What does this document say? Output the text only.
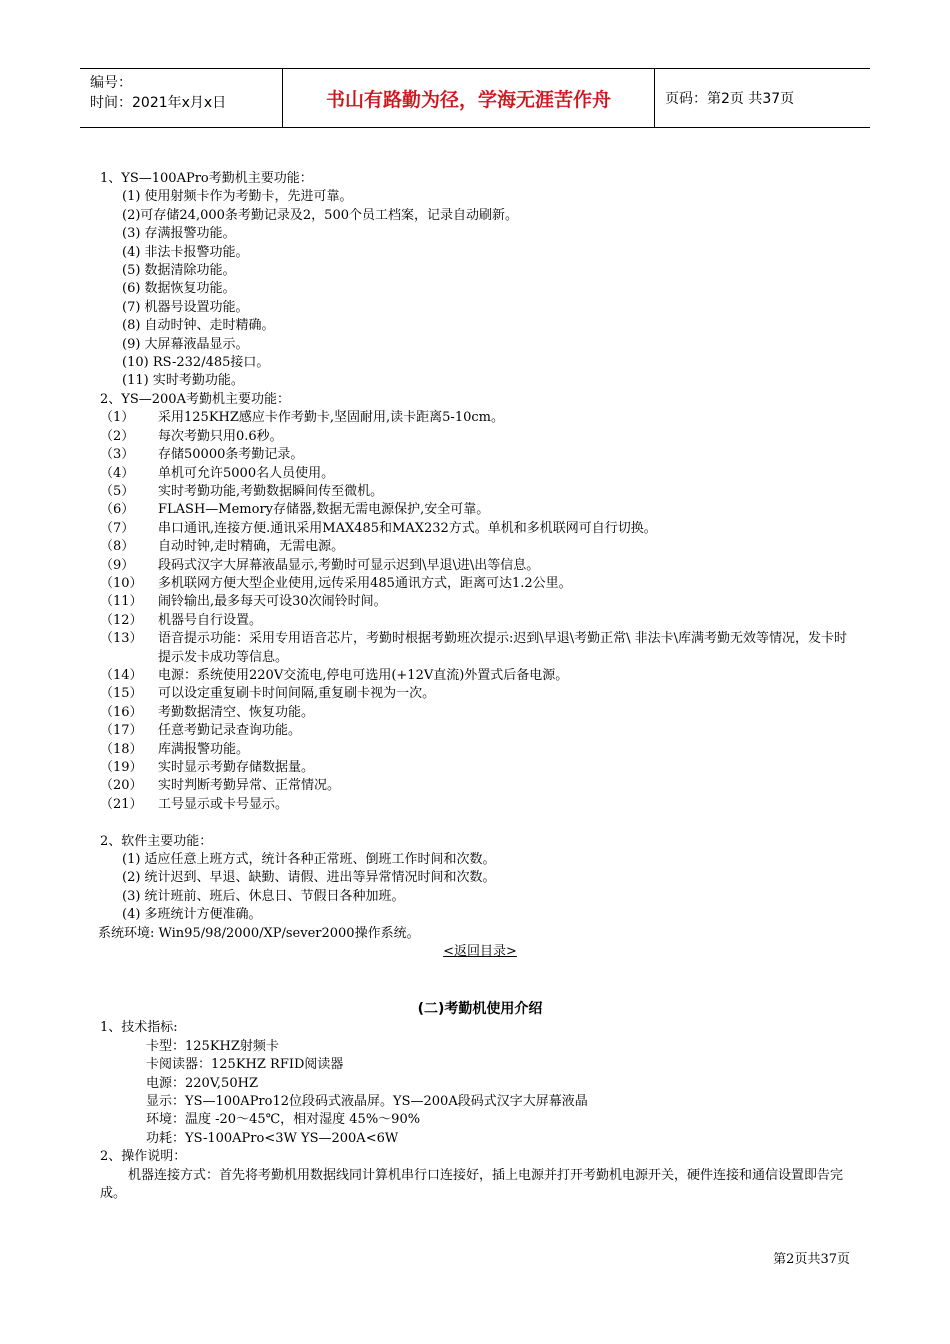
编号：
时间：2021年x月x日	书山有路勤为径，学海无涯苦作舟	页码：第2页 共37页
1、YS—100APro考勤机主要功能：
(1) 使用射频卡作为考勤卡，先进可靠。
(2)可存储24,000条考勤记录及2，500个员工档案，记录自动刷新。
(3) 存满报警功能。
(4) 非法卡报警功能。
(5) 数据清除功能。
(6) 数据恢复功能。
(7) 机器号设置功能。
(8) 自动时钟、走时精确。
(9) 大屏幕液晶显示。
(10) RS-232/485接口。
(11) 实时考勤功能。
2、YS—200A考勤机主要功能：
（1） 采用125KHZ感应卡作考勤卡,坚固耐用,读卡距离5-10cm。
（2） 每次考勤只用0.6秒。
（3） 存储50000条考勤记录。
（4） 单机可允许5000名人员使用。
（5） 实时考勤功能,考勤数据瞬间传至微机。
（6） FLASH—Memory存储器,数据无需电源保护,安全可靠。
（7） 串口通讯,连接方便.通讯采用MAX485和MAX232方式。单机和多机联网可自行切换。
（8） 自动时钟,走时精确，无需电源。
（9） 段码式汉字大屏幕液晶显示,考勤时可显示迟到\早退\进\出等信息。
（10） 多机联网方便大型企业使用,远传采用485通讯方式，距离可达1.2公里。
（11） 闹铃输出,最多每天可设30次闹铃时间。
（12） 机器号自行设置。
（13）	语音提示功能：采用专用语音芯片，考勤时根据考勤班次提示:迟到\早退\考勤正常\ 非法卡\库满考勤无效等情况，发卡时提示发卡成功等信息。
（14） 电源：系统使用220V交流电,停电可选用(+12V直流)外置式后备电源。
（15） 可以设定重复刷卡时间间隔,重复刷卡视为一次。
（16） 考勤数据清空、恢复功能。
（17） 任意考勤记录查询功能。
（18） 库满报警功能。
（19） 实时显示考勤存储数据量。
（20） 实时判断考勤异常、正常情况。
（21） 工号显示或卡号显示。
2、软件主要功能：
(1) 适应任意上班方式，统计各种正常班、倒班工作时间和次数。
(2) 统计迟到、早退、缺勤、请假、进出等异常情况时间和次数。
(3) 统计班前、班后、休息日、节假日各种加班。
(4) 多班统计方便准确。
系统环境: Win95/98/2000/XP/sever2000操作系统。
<返回目录>
(二)考勤机使用介绍
1、技术指标:
卡型：125KHZ射频卡
卡阅读器：125KHZ RFID阅读器
电源：220V,50HZ
显示：YS—100APro12位段码式液晶屏。YS—200A段码式汉字大屏幕液晶
环境：温度 -20～45℃，相对湿度 45%～90%
功耗：YS-100APro<3W YS—200A<6W
2、操作说明：
机器连接方式：首先将考勤机用数据线同计算机串行口连接好，插上电源并打开考勤机电源开关，硬件连接和通信设置即告完成。
第2页共37页
